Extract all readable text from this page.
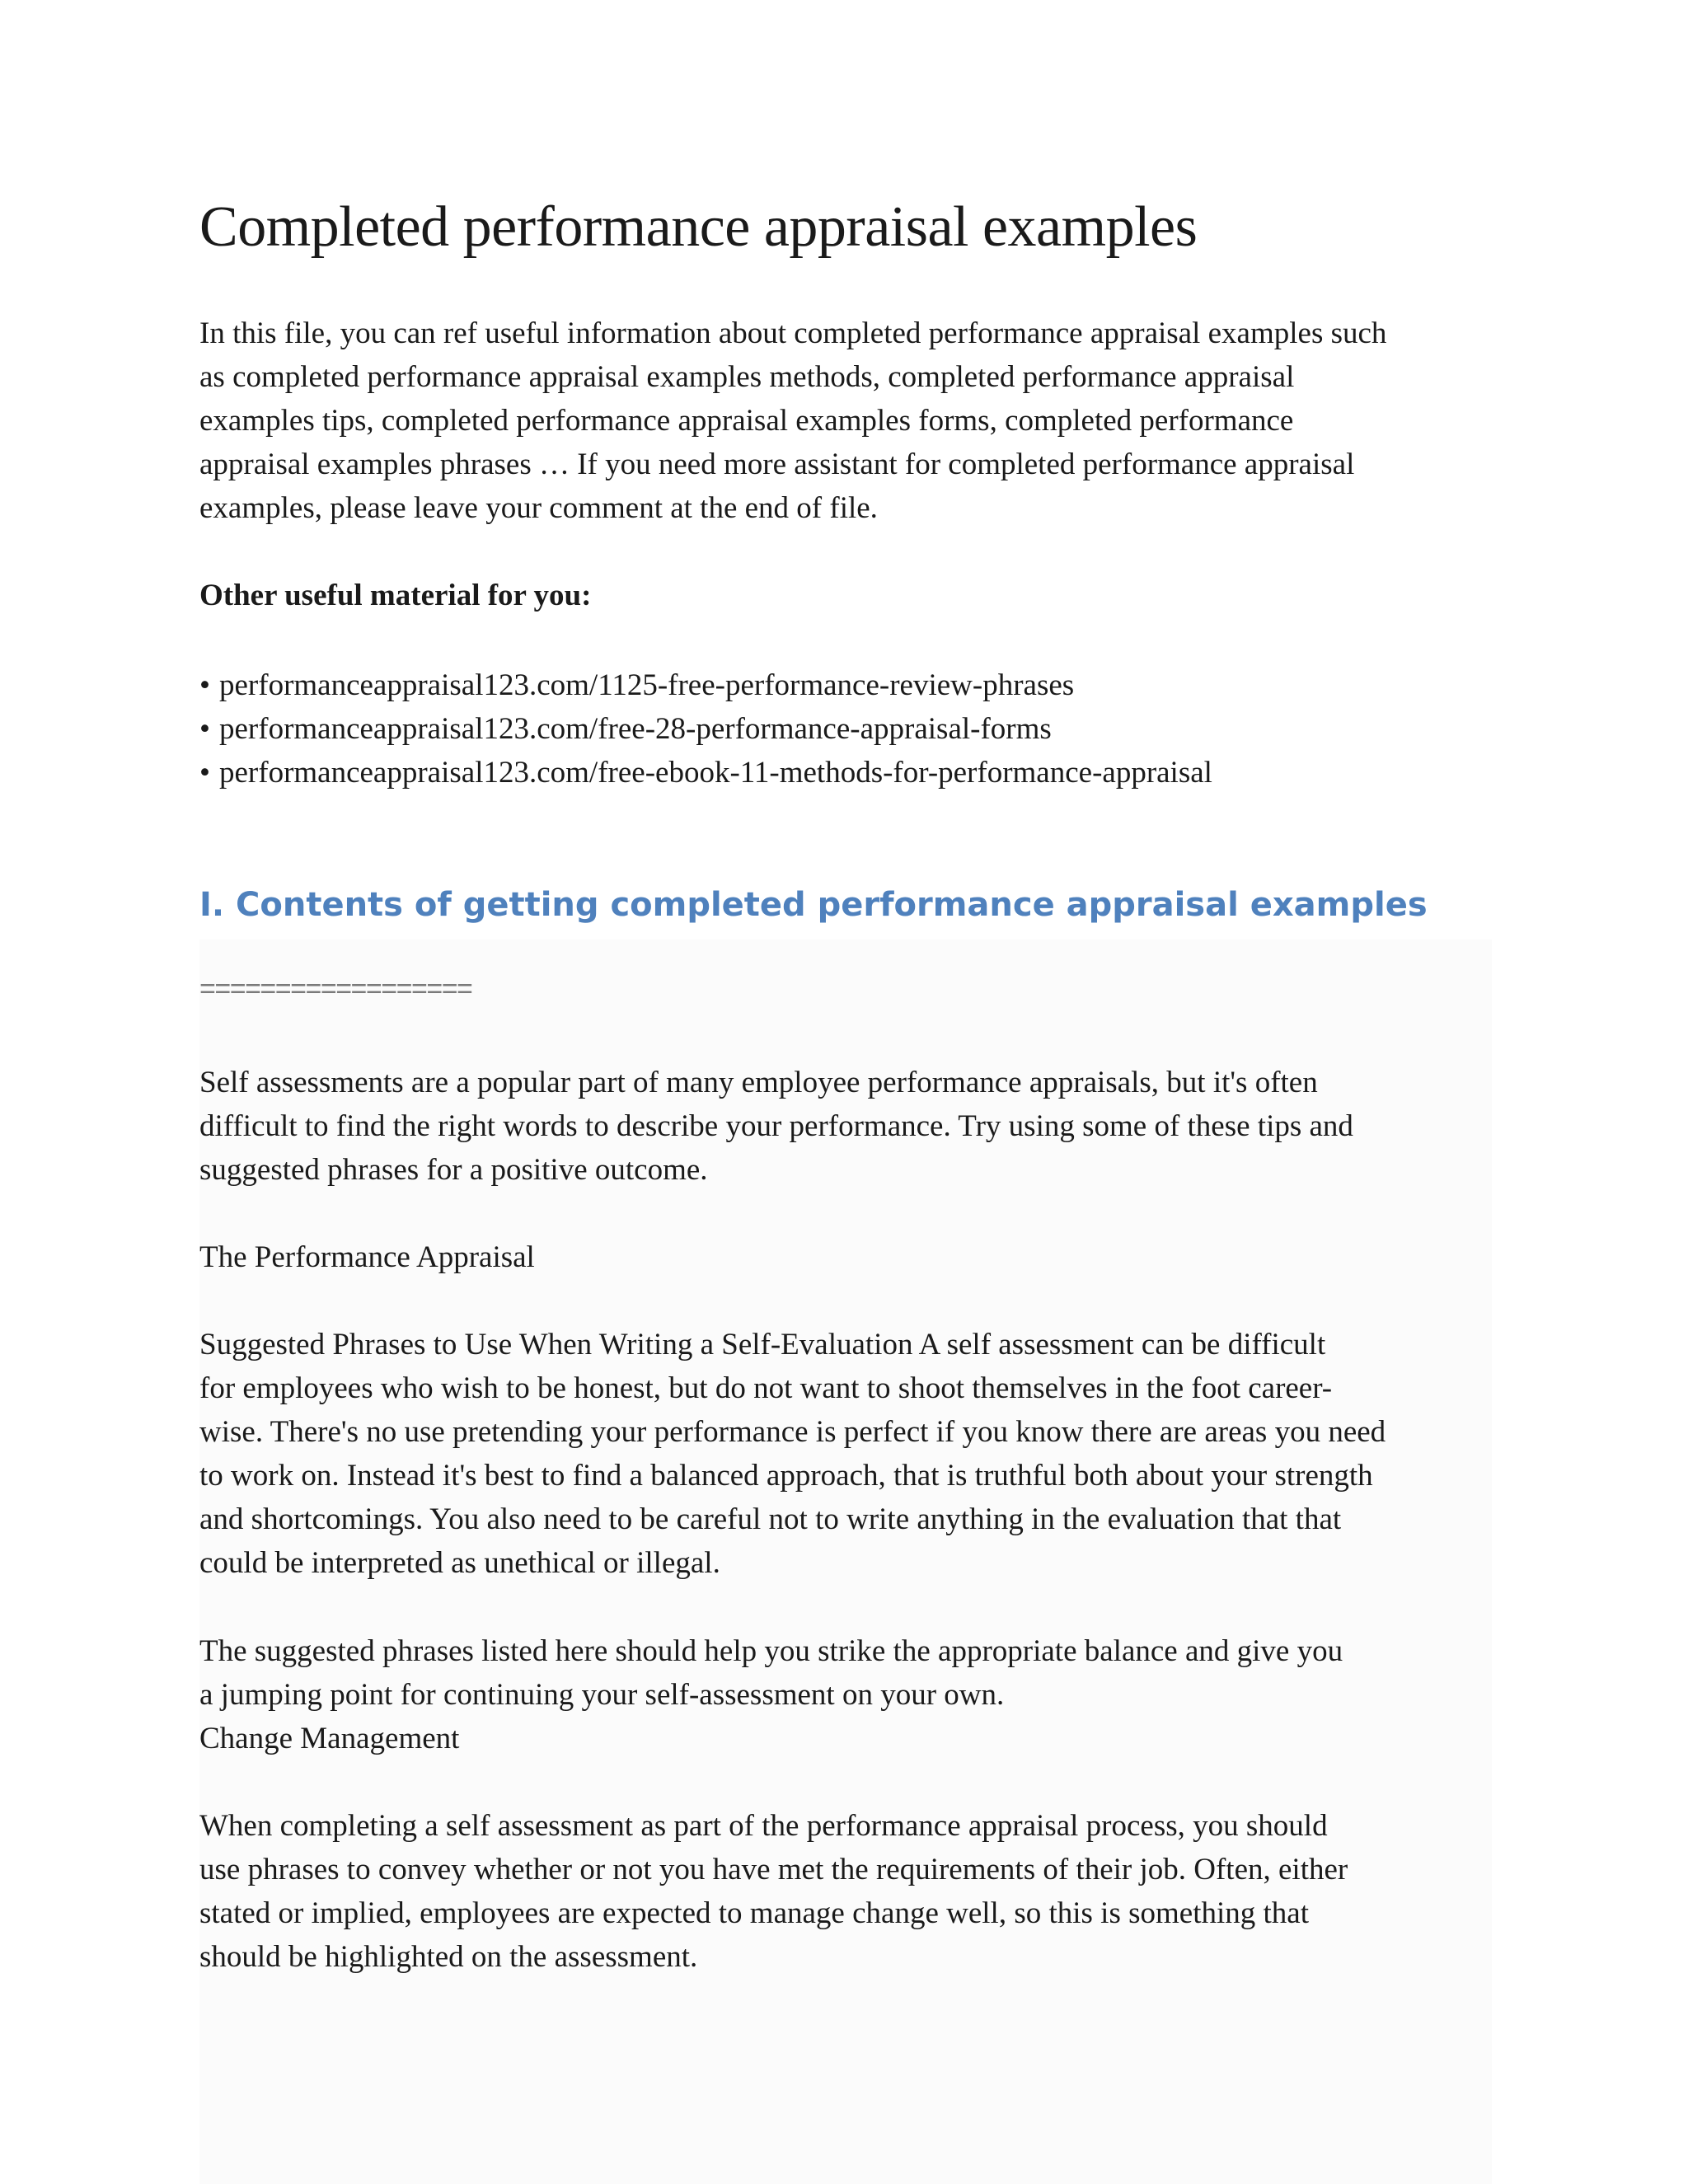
Completed performance appraisal examples

In this file, you can ref useful information about completed performance appraisal examples such
as completed performance appraisal examples methods, completed performance appraisal
examples tips, completed performance appraisal examples forms, completed performance
appraisal examples phrases … If you need more assistant for completed performance appraisal
examples, please leave your comment at the end of file.

Other useful material for you:

• performanceappraisal123.com/1125-free-performance-review-phrases
• performanceappraisal123.com/free-28-performance-appraisal-forms
• performanceappraisal123.com/free-ebook-11-methods-for-performance-appraisal
I. Contents of getting completed performance appraisal examples
==================

Self assessments are a popular part of many employee performance appraisals, but it's often
difficult to find the right words to describe your performance. Try using some of these tips and
suggested phrases for a positive outcome.

The Performance Appraisal

Suggested Phrases to Use When Writing a Self-Evaluation A self assessment can be difficult
for employees who wish to be honest, but do not want to shoot themselves in the foot career-
wise. There's no use pretending your performance is perfect if you know there are areas you need
to work on. Instead it's best to find a balanced approach, that is truthful both about your strength
and shortcomings. You also need to be careful not to write anything in the evaluation that that
could be interpreted as unethical or illegal.

The suggested phrases listed here should help you strike the appropriate balance and give you
a jumping point for continuing your self-assessment on your own.

Change Management

When completing a self assessment as part of the performance appraisal process, you should
use phrases to convey whether or not you have met the requirements of their job. Often, either
stated or implied, employees are expected to manage change well, so this is something that
should be highlighted on the assessment.
